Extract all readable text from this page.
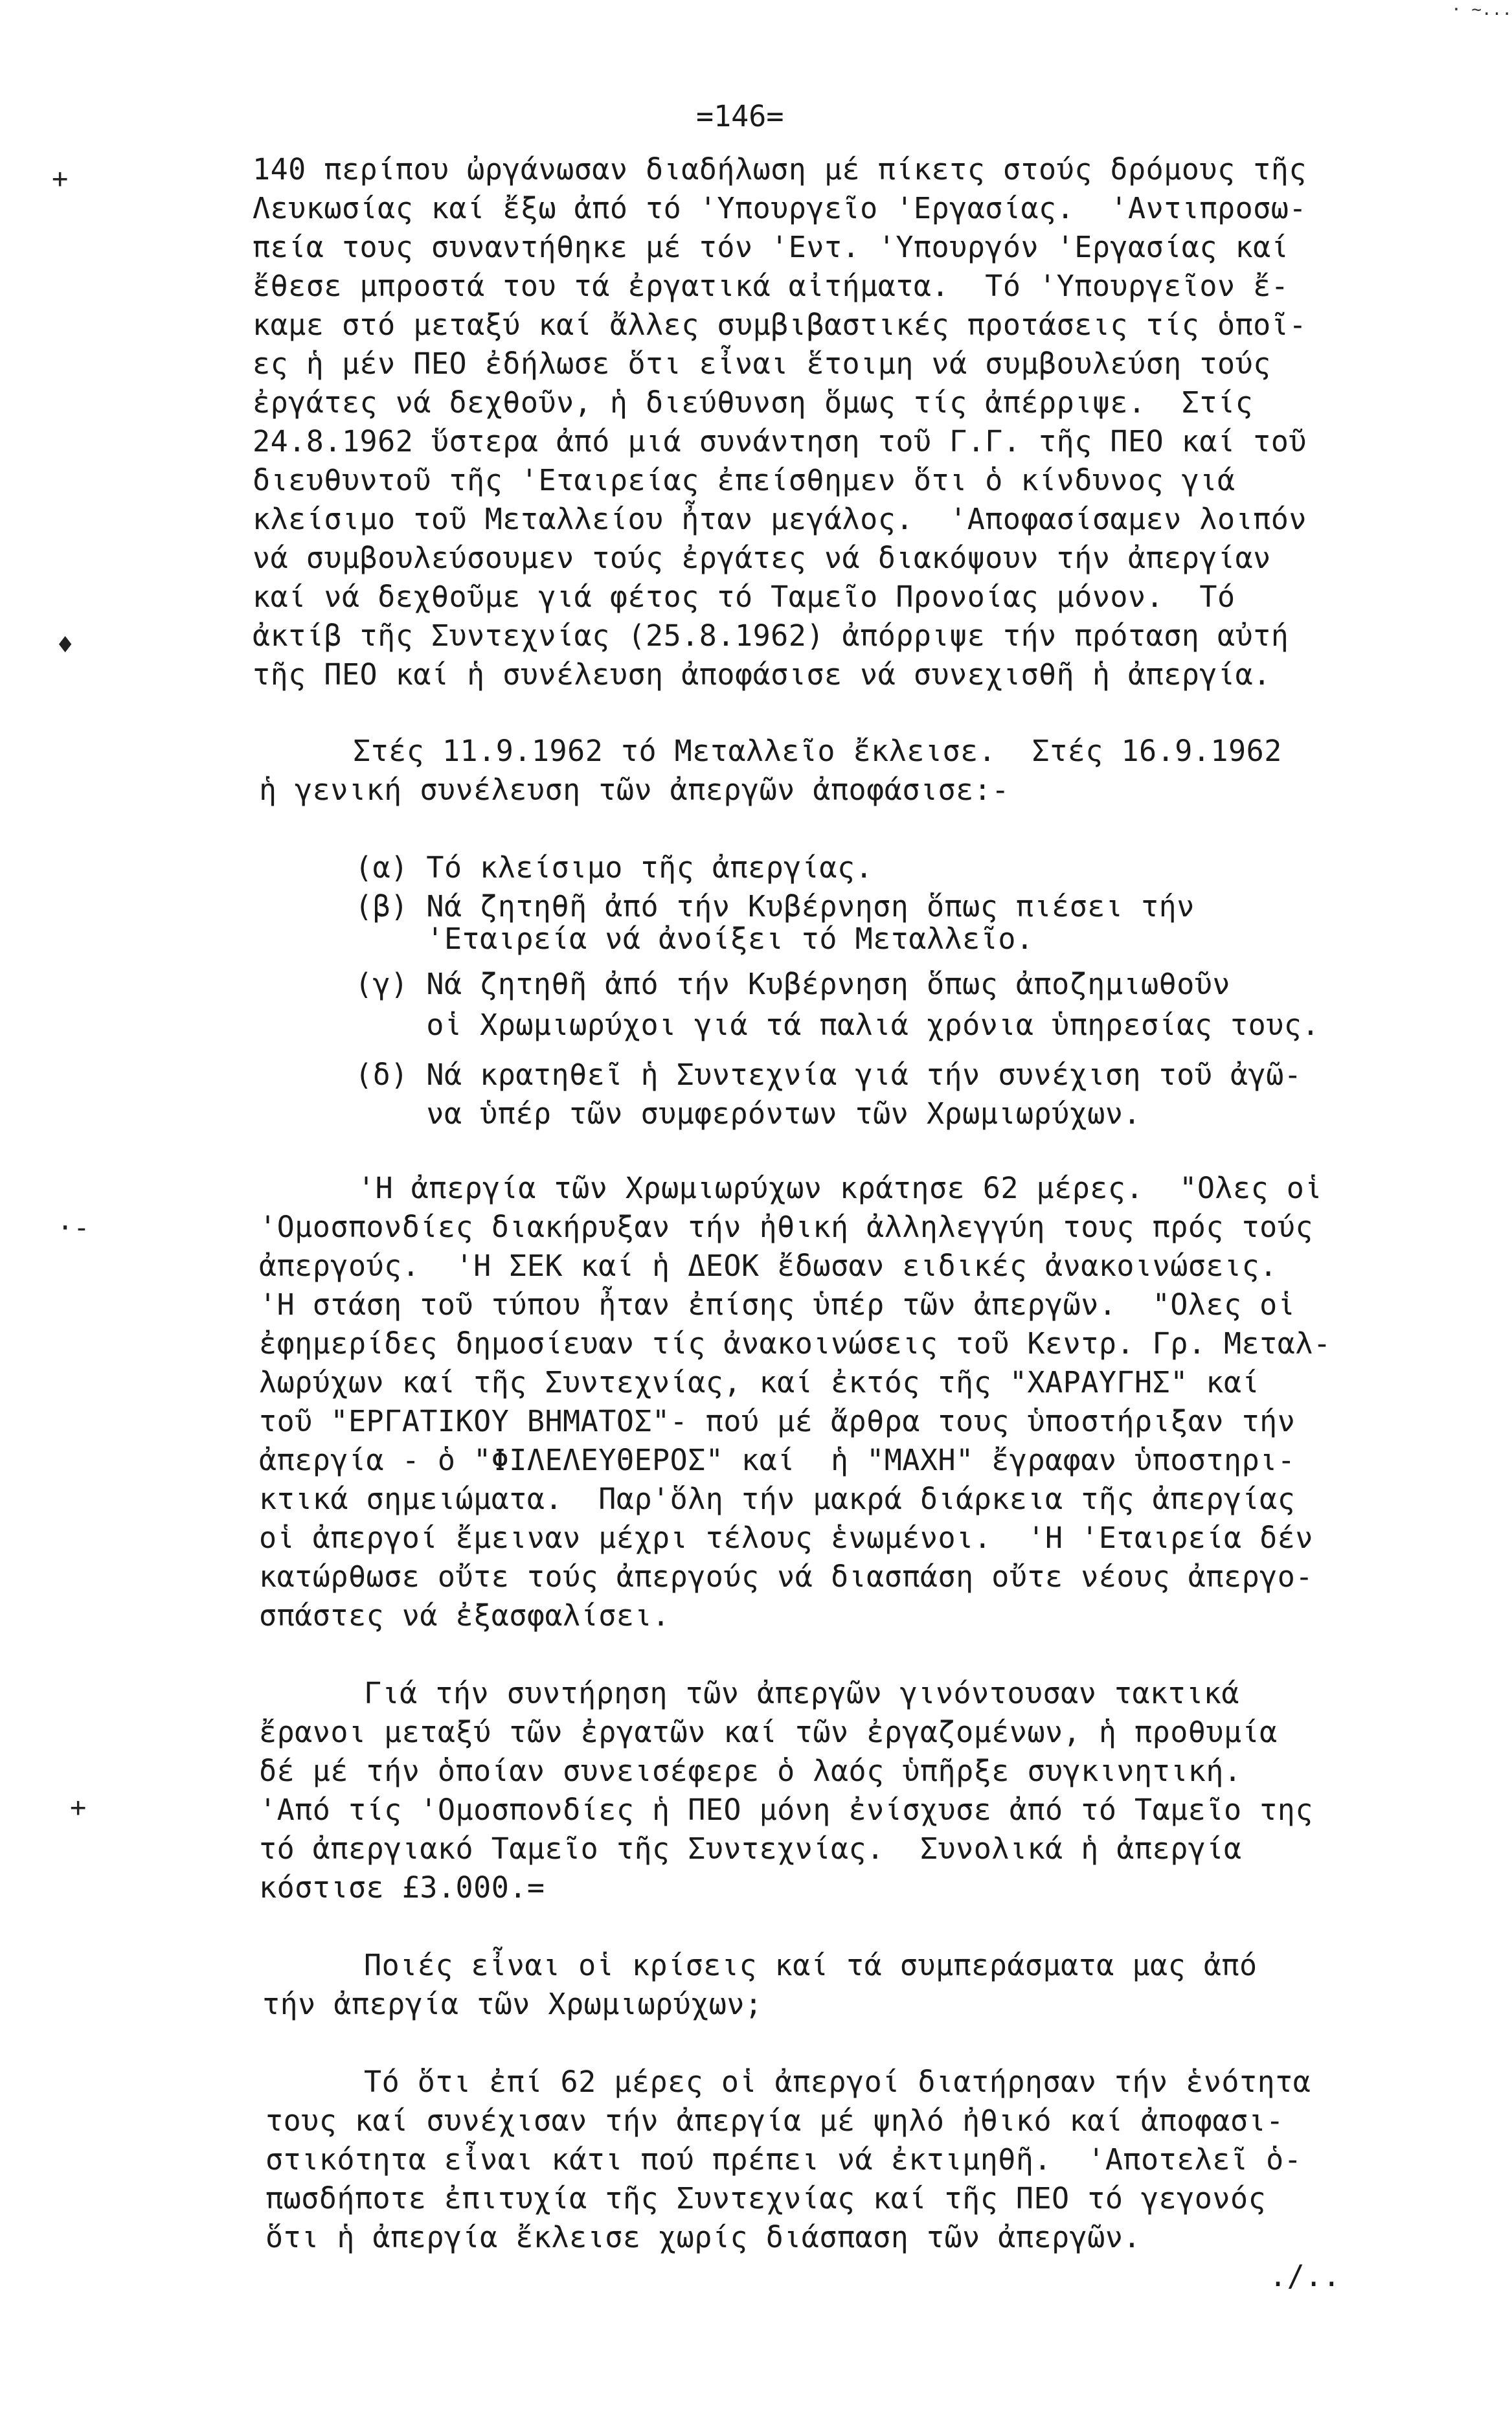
· ~...
=146=
+
♦
·‑
+
140 περίπου ὠργάνωσαν διαδήλωση μέ πίκετς στούς δρόμους τῆς
Λευκωσίας καί ἔξω ἀπό τό 'Υπουργεῖο 'Εργασίας.  'Αντιπροσω-
πεία τους συναντήθηκε μέ τόν 'Εντ. 'Υπουργόν 'Εργασίας καί
ἔθεσε μπροστά του τά ἐργατικά αἰτήματα.  Τό 'Υπουργεῖον ἔ-
καμε στό μεταξύ καί ἄλλες συμβιβαστικές προτάσεις τίς ὁποῖ-
ες ἡ μέν ΠΕΟ ἐδήλωσε ὅτι εἶναι ἕτοιμη νά συμβουλεύση τούς
ἐργάτες νά δεχθοῦν, ἡ διεύθυνση ὅμως τίς ἀπέρριψε.  Στίς
24.8.1962 ὕστερα ἀπό μιά συνάντηση τοῦ Γ.Γ. τῆς ΠΕΟ καί τοῦ
διευθυντοῦ τῆς 'Εταιρείας ἐπείσθημεν ὅτι ὁ κίνδυνος γιά
κλείσιμο τοῦ Μεταλλείου ἦταν μεγάλος.  'Αποφασίσαμεν λοιπόν
νά συμβουλεύσουμεν τούς ἐργάτες νά διακόψουν τήν ἀπεργίαν
καί νά δεχθοῦμε γιά φέτος τό Ταμεῖο Προνοίας μόνον.  Τό
ἀκτίβ τῆς Συντεχνίας (25.8.1962) ἀπόρριψε τήν πρόταση αὐτή
τῆς ΠΕΟ καί ἡ συνέλευση ἀποφάσισε νά συνεχισθῆ ἡ ἀπεργία.
Στές 11.9.1962 τό Μεταλλεῖο ἔκλεισε.  Στές 16.9.1962
ἡ γενική συνέλευση τῶν ἀπεργῶν ἀποφάσισε:-
(α) Τό κλείσιμο τῆς ἀπεργίας.
(β) Νά ζητηθῆ ἀπό τήν Κυβέρνηση ὅπως πιέσει τήν
'Εταιρεία νά ἀνοίξει τό Μεταλλεῖο.
(γ) Νά ζητηθῆ ἀπό τήν Κυβέρνηση ὅπως ἀποζημιωθοῦν
οἱ Χρωμιωρύχοι γιά τά παλιά χρόνια ὑπηρεσίας τους.
(δ) Νά κρατηθεῖ ἡ Συντεχνία γιά τήν συνέχιση τοῦ ἀγῶ-
να ὑπέρ τῶν συμφερόντων τῶν Χρωμιωρύχων.
'Η ἀπεργία τῶν Χρωμιωρύχων κράτησε 62 μέρες.  "Ολες οἱ
'Ομοσπονδίες διακήρυξαν τήν ἠθική ἀλληλεγγύη τους πρός τούς
ἀπεργούς.  'Η ΣΕΚ καί ἡ ΔΕΟΚ ἔδωσαν ειδικές ἀνακοινώσεις.
'Η στάση τοῦ τύπου ἦταν ἐπίσης ὑπέρ τῶν ἀπεργῶν.  "Ολες οἱ
ἐφημερίδες δημοσίευαν τίς ἀνακοινώσεις τοῦ Κεντρ. Γρ. Μεταλ-
λωρύχων καί τῆς Συντεχνίας, καί ἐκτός τῆς "ΧΑΡΑΥΓΗΣ" καί
τοῦ "ΕΡΓΑΤΙΚΟΥ ΒΗΜΑΤΟΣ"- πού μέ ἄρθρα τους ὑποστήριξαν τήν
ἀπεργία - ὁ "ΦΙΛΕΛΕΥΘΕΡΟΣ" καί  ἡ "ΜΑΧΗ" ἔγραφαν ὑποστηρι-
κτικά σημειώματα.  Παρ'ὅλη τήν μακρά διάρκεια τῆς ἀπεργίας
οἱ ἀπεργοί ἔμειναν μέχρι τέλους ἑνωμένοι.  'Η 'Εταιρεία δέν
κατώρθωσε οὔτε τούς ἀπεργούς νά διασπάση οὔτε νέους ἀπεργο-
σπάστες νά ἐξασφαλίσει.
Γιά τήν συντήρηση τῶν ἀπεργῶν γινόντουσαν τακτικά
ἔρανοι μεταξύ τῶν ἐργατῶν καί τῶν ἐργαζομένων, ἡ προθυμία
δέ μέ τήν ὁποίαν συνεισέφερε ὁ λαός ὑπῆρξε συγκινητική.
'Από τίς 'Ομοσπονδίες ἡ ΠΕΟ μόνη ἐνίσχυσε ἀπό τό Ταμεῖο της
τό ἀπεργιακό Ταμεῖο τῆς Συντεχνίας.  Συνολικά ἡ ἀπεργία
κόστισε £3.000.=
Ποιές εἶναι οἱ κρίσεις καί τά συμπεράσματα μας ἀπό
τήν ἀπεργία τῶν Χρωμιωρύχων;
Τό ὅτι ἐπί 62 μέρες οἱ ἀπεργοί διατήρησαν τήν ἑνότητα
τους καί συνέχισαν τήν ἀπεργία μέ ψηλό ἠθικό καί ἀποφασι-
στικότητα εἶναι κάτι πού πρέπει νά ἐκτιμηθῆ.  'Αποτελεῖ ὁ-
πωσδήποτε ἐπιτυχία τῆς Συντεχνίας καί τῆς ΠΕΟ τό γεγονός
ὅτι ἡ ἀπεργία ἔκλεισε χωρίς διάσπαση τῶν ἀπεργῶν.
./..
